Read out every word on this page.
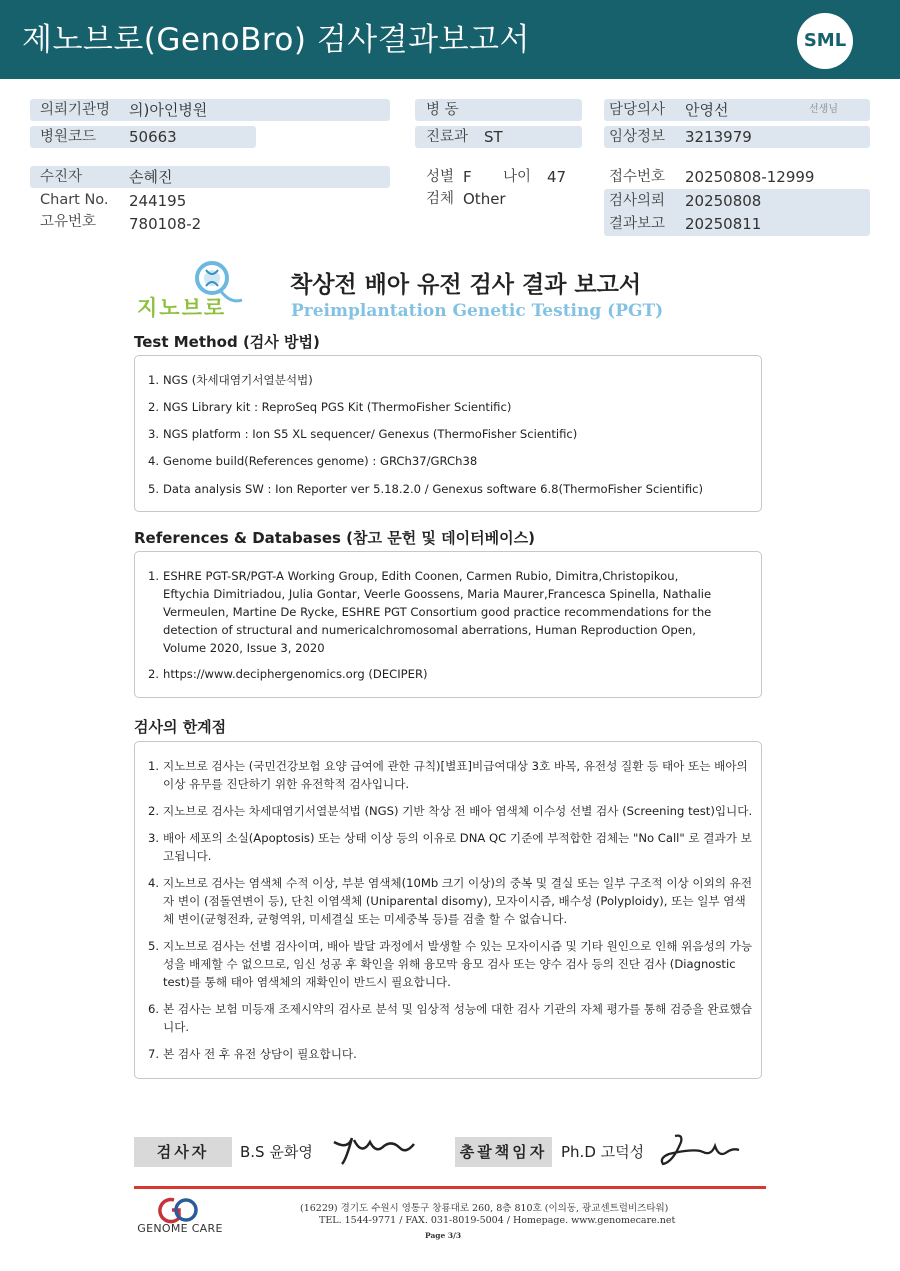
제노브로(GenoBro) 검사결과보고서	SML
의뢰기관명 의)아인병원
병원코드 50663
병 동
진료과 ST
담당의사 안영선	선생님
임상정보 3213979
수진자	손혜진
Chart No. 244195
고유번호 780108-2
성별 F 나이 47
검체 Other
접수번호 20250808-12999
검사의뢰 20250808
결과보고 20250811
지노브로
착상전 배아 유전 검사 결과 보고서
Preimplantation Genetic Testing (PGT)
Test Method (검사 방법)
1. NGS (차세대염기서열분석법)
2. NGS Library kit : ReproSeq PGS Kit (ThermoFisher Scientific)
3. NGS platform : Ion S5 XL sequencer/ Genexus (ThermoFisher Scientific)
4. Genome build(References genome) : GRCh37/GRCh38
5. Data analysis SW : Ion Reporter ver 5.18.2.0 / Genexus software 6.8(ThermoFisher Scientific)
References & Databases (참고 문헌 및 데이터베이스)
1. ESHRE PGT-SR/PGT-A Working Group, Edith Coonen, Carmen Rubio, Dimitra,Christopikou, Eftychia Dimitriadou, Julia Gontar, Veerle Goossens, Maria Maurer,Francesca Spinella, Nathalie Vermeulen, Martine De Rycke, ESHRE PGT Consortium good practice recommendations for the detection of structural and numericalchromosomal aberrations, Human Reproduction Open, Volume 2020, Issue 3, 2020
2. https://www.deciphergenomics.org (DECIPER)
검사의 한계점
1. 지노브로 검사는 (국민건강보험 요양 급여에 관한 규칙)[별표]비급여대상 3호 바목, 유전성 질환 등 태아 또는 배아의 이상 유무를 진단하기 위한 유전학적 검사입니다.
2. 지노브로 검사는 차세대염기서열분석법 (NGS) 기반 착상 전 배아 염색체 이수성 선별 검사 (Screening test)입니다.
3. 배아 세포의 소실(Apoptosis) 또는 상태 이상 등의 이유로 DNA QC 기준에 부적합한 검체는 "No Call" 로 결과가 보고됩니다.
4. 지노브로 검사는 염색체 수적 이상, 부분 염색체(10Mb 크기 이상)의 중복 및 결실 또는 일부 구조적 이상 이외의 유전자 변이 (점돌연변이 등), 단친 이염색체 (Uniparental disomy), 모자이시즘, 배수성 (Polyploidy), 또는 일부 염색체 변이(균형전좌, 균형역위, 미세결실 또는 미세중복 등)를 검출 할 수 없습니다.
5. 지노브로 검사는 선별 검사이며, 배아 발달 과정에서 발생할 수 있는 모자이시즘 및 기타 원인으로 인해 위음성의 가능성을 배제할 수 없으므로, 임신 성공 후 확인을 위해 융모막 융모 검사 또는 양수 검사 등의 진단 검사 (Diagnostic test)를 통해 태아 염색체의 재확인이 반드시 필요합니다.
6. 본 검사는 보험 미등재 조제시약의 검사로 분석 및 임상적 성능에 대한 검사 기관의 자체 평가를 통해 검증을 완료했습니다.
7. 본 검사 전 후 유전 상담이 필요합니다.
검사자	B.S 윤화영	총괄책임자 Ph.D 고덕성
GENOME CARE
(16229) 경기도 수원시 영통구 창룡대로 260, 8층 810호 (이의동, 광교센트럴비즈타워)
TEL. 1544-9771 / FAX. 031-8019-5004 / Homepage. www.genomecare.net
Page 3/3
